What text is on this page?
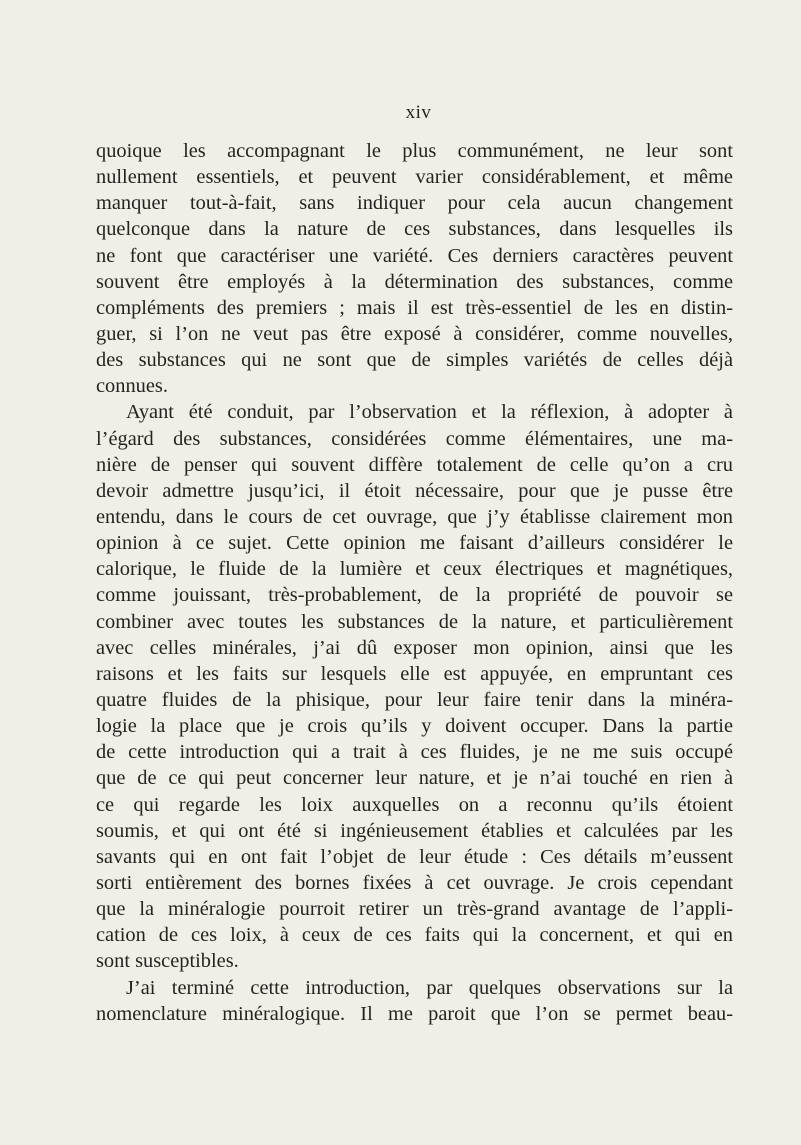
xiv
quoique les accompagnant le plus communément, ne leur sont
nullement essentiels, et peuvent varier considérablement, et même
manquer tout-à-fait, sans indiquer pour cela aucun changement
quelconque dans la nature de ces substances, dans lesquelles ils
ne font que caractériser une variété. Ces derniers caractères peuvent
souvent être employés à la détermination des substances, comme
compléments des premiers ; mais il est très-essentiel de les en distin-
guer, si l’on ne veut pas être exposé à considérer, comme nouvelles,
des substances qui ne sont que de simples variétés de celles déjà
connues.
Ayant été conduit, par l’observation et la réflexion, à adopter à
l’égard des substances, considérées comme élémentaires, une ma-
nière de penser qui souvent diffère totalement de celle qu’on a cru
devoir admettre jusqu’ici, il étoit nécessaire, pour que je pusse être
entendu, dans le cours de cet ouvrage, que j’y établisse clairement mon
opinion à ce sujet. Cette opinion me faisant d’ailleurs considérer le
calorique, le fluide de la lumière et ceux électriques et magnétiques,
comme jouissant, très-probablement, de la propriété de pouvoir se
combiner avec toutes les substances de la nature, et particulièrement
avec celles minérales, j’ai dû exposer mon opinion, ainsi que les
raisons et les faits sur lesquels elle est appuyée, en empruntant ces
quatre fluides de la phisique, pour leur faire tenir dans la minéra-
logie la place que je crois qu’ils y doivent occuper. Dans la partie
de cette introduction qui a trait à ces fluides, je ne me suis occupé
que de ce qui peut concerner leur nature, et je n’ai touché en rien à
ce qui regarde les loix auxquelles on a reconnu qu’ils étoient
soumis, et qui ont été si ingénieusement établies et calculées par les
savants qui en ont fait l’objet de leur étude : Ces détails m’eussent
sorti entièrement des bornes fixées à cet ouvrage. Je crois cependant
que la minéralogie pourroit retirer un très-grand avantage de l’appli-
cation de ces loix, à ceux de ces faits qui la concernent, et qui en
sont susceptibles.
J’ai terminé cette introduction, par quelques observations sur la
nomenclature minéralogique. Il me paroit que l’on se permet beau-
